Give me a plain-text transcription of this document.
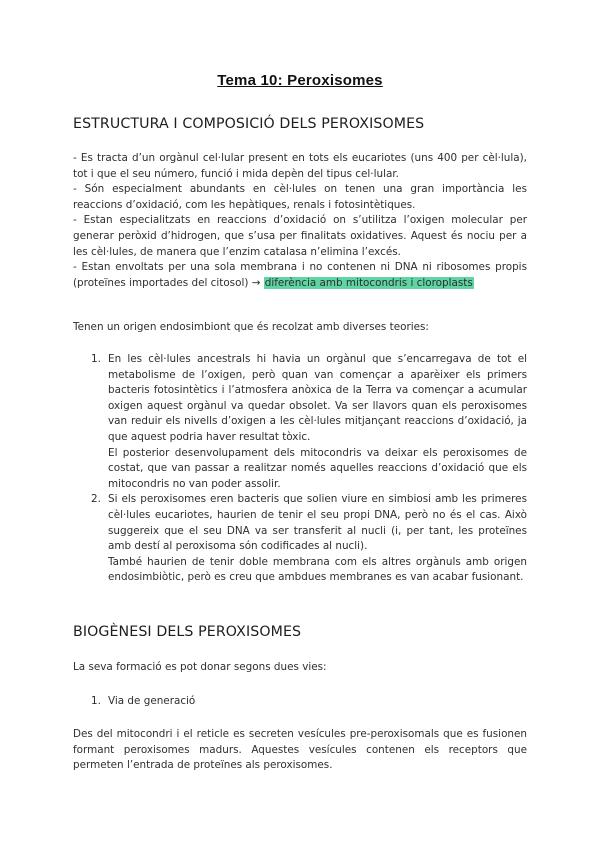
Tema 10: Peroxisomes
ESTRUCTURA I COMPOSICIÓ DELS PEROXISOMES

- Es tracta d’un orgànul cel·lular present en tots els eucariotes (uns 400 per cèl·lula), tot i que el seu número, funció i mida depèn del tipus cel·lular.

- Són especialment abundants en cèl·lules on tenen una gran importància les reaccions d’oxidació, com les hepàtiques, renals i fotosintètiques.

- Estan especialitzats en reaccions d’oxidació on s’utilitza l’oxigen molecular per generar peròxid d’hidrogen, que s’usa per finalitats oxidatives. Aquest és nociu per a les cèl·lules, de manera que l’enzim catalasa n’elimina l’excés.

- Estan envoltats per una sola membrana i no contenen ni DNA ni ribosomes propis (proteïnes importades del citosol) → diferència amb mitocondris i cloroplasts

Tenen un origen endosimbiont que és recolzat amb diverses teories:
1. En les cèl·lules ancestrals hi havia un orgànul que s’encarregava de tot el metabolisme de l’oxigen, però quan van començar a aparèixer els primers bacteris fotosintètics i l’atmosfera anòxica de la Terra va començar a acumular oxigen aquest orgànul va quedar obsolet. Va ser llavors quan els peroxisomes van reduir els nivells d’oxigen a les cèl·lules mitjançant reaccions d’oxidació, ja que aquest podria haver resultat tòxic.

El posterior desenvolupament dels mitocondris va deixar els peroxisomes de costat, que van passar a realitzar només aquelles reaccions d’oxidació que els mitocondris no van poder assolir.

2. Si els peroxisomes eren bacteris que solien viure en simbiosi amb les primeres cèl·lules eucariotes, haurien de tenir el seu propi DNA, però no és el cas. Això suggereix que el seu DNA va ser transferit al nucli (i, per tant, les proteïnes amb destí al peroxisoma són codificades al nucli).

També haurien de tenir doble membrana com els altres orgànuls amb origen endosimbiòtic, però es creu que ambdues membranes es van acabar fusionant.

BIOGÈNESI DELS PEROXISOMES
La seva formació es pot donar segons dues vies:
1. Via de generació

Des del mitocondri i el reticle es secreten vesícules pre-peroxisomals que es fusionen formant peroxisomes madurs. Aquestes vesícules contenen els receptors que permeten l’entrada de proteïnes als peroxisomes.
